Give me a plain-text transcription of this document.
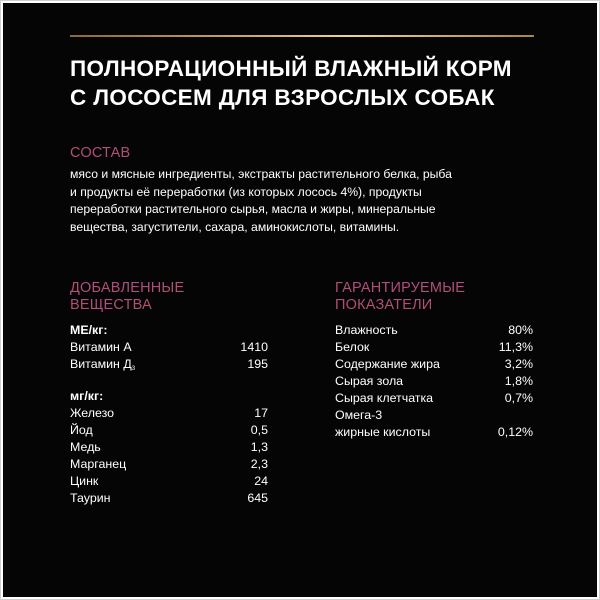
ПОЛНОРАЦИОННЫЙ ВЛАЖНЫЙ КОРМ
С ЛОСОСЕМ ДЛЯ ВЗРОСЛЫХ СОБАК
СОСТАВ
мясо и мясные ингредиенты, экстракты растительного белка, рыба
и продукты её переработки (из которых лосось 4%), продукты
переработки растительного сырья, масла и жиры, минеральные
вещества, загустители, сахара, аминокислоты, витамины.
ДОБАВЛЕННЫЕ
ВЕЩЕСТВА
МЕ/кг:
Витамин А	1410
Витамин Д3	195
мг/кг:
Железо	17
Йод	0,5
Медь	1,3
Марганец	2,3
Цинк	24
Таурин	645
ГАРАНТИРУЕМЫЕ
ПОКАЗАТЕЛИ
Влажность	80%
Белок	11,3%
Содержание жира	3,2%
Сырая зола	1,8%
Сырая клетчатка	0,7%
Омега-3
жирные кислоты	0,12%
